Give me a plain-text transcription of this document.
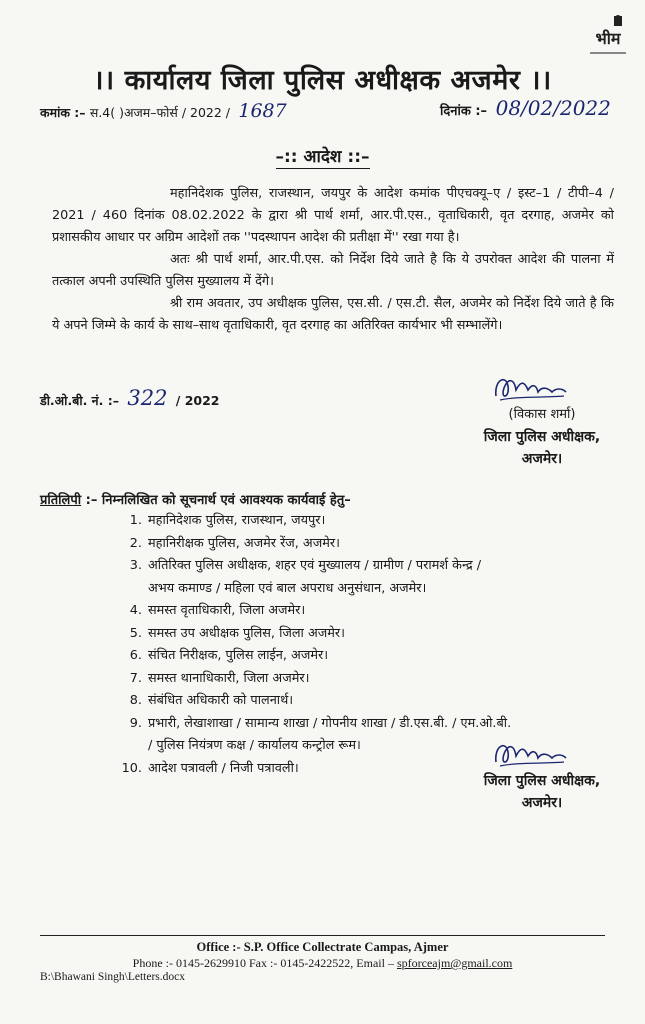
भीम
।। कार्यालय जिला पुलिस अधीक्षक अजमेर ।।
कमांक :– स.4( )अजम–फोर्स / 2022 / 1687	दिनांक :– 08/02/2022
–:: आदेश ::–

महानिदेशक पुलिस, राजस्थान, जयपुर के आदेश कमांक पीएचक्यू–ए / इस्ट–1 / टीपी–4 / 2021 / 460 दिनांक 08.02.2022 के द्वारा श्री पार्थ शर्मा, आर.पी.एस., वृताधिकारी, वृत दरगाह, अजमेर को प्रशासकीय आधार पर अग्रिम आदेशों तक ''पदस्थापन आदेश की प्रतीक्षा में'' रखा गया है।

अतः श्री पार्थ शर्मा, आर.पी.एस. को निर्देश दिये जाते है कि ये उपरोक्त आदेश की पालना में तत्काल अपनी उपस्थिति पुलिस मुख्यालय में देंगे।

श्री राम अवतार, उप अधीक्षक पुलिस, एस.सी. / एस.टी. सैल, अजमेर को निर्देश दिये जाते है कि ये अपने जिम्मे के कार्य के साथ–साथ वृताधिकारी, वृत दरगाह का अतिरिक्त कार्यभार भी सम्भालेंगे।

डी.ओ.बी. नं. :– 322 / 2022
(विकास शर्मा)
जिला पुलिस अधीक्षक,
अजमेर।
प्रतिलिपी :– निम्नलिखित को सूचनार्थ एवं आवश्यक कार्यवाई हेतु–
1. महानिदेशक पुलिस, राजस्थान, जयपुर।
2. महानिरीक्षक पुलिस, अजमेर रेंज, अजमेर।
3. अतिरिक्त पुलिस अधीक्षक, शहर एवं मुख्यालय / ग्रामीण / परामर्श केन्द्र /
अभय कमाण्ड / महिला एवं बाल अपराध अनुसंधान, अजमेर।
4. समस्त वृताधिकारी, जिला अजमेर।
5. समस्त उप अधीक्षक पुलिस, जिला अजमेर।
6. संचित निरीक्षक, पुलिस लाईन, अजमेर।
7. समस्त थानाधिकारी, जिला अजमेर।
8. संबंधित अधिकारी को पालनार्थ।
9. प्रभारी, लेखाशाखा / सामान्य शाखा / गोपनीय शाखा / डी.एस.बी. / एम.ओ.बी.
/ पुलिस नियंत्रण कक्ष / कार्यालय कन्ट्रोल रूम।
10. आदेश पत्रावली / निजी पत्रावली।
जिला पुलिस अधीक्षक,
अजमेर।
Office :- S.P. Office Collectrate Campas, Ajmer
Phone :- 0145-2629910 Fax :- 0145-2422522, Email – spforceajm@gmail.com
B:\Bhawani Singh\Letters.docx
